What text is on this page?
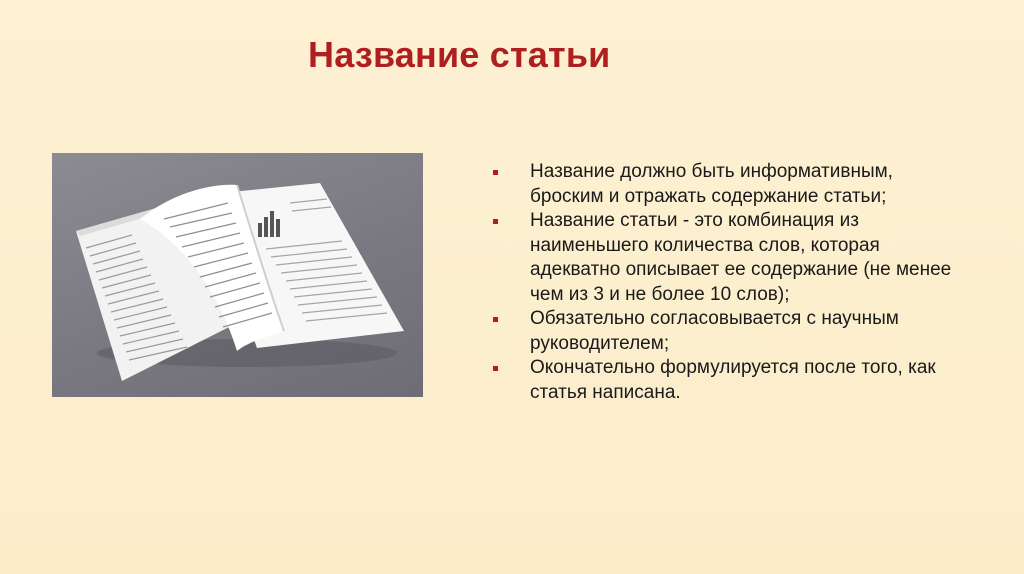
Название статьи
Название должно быть информативным, броским и отражать содержание статьи;
Название статьи - это комбинация из наименьшего количества слов, которая адекватно описывает ее содержание (не менее чем из 3 и не более 10 слов);
Обязательно согласовывается с научным руководителем;
Окончательно формулируется после того, как статья написана.
